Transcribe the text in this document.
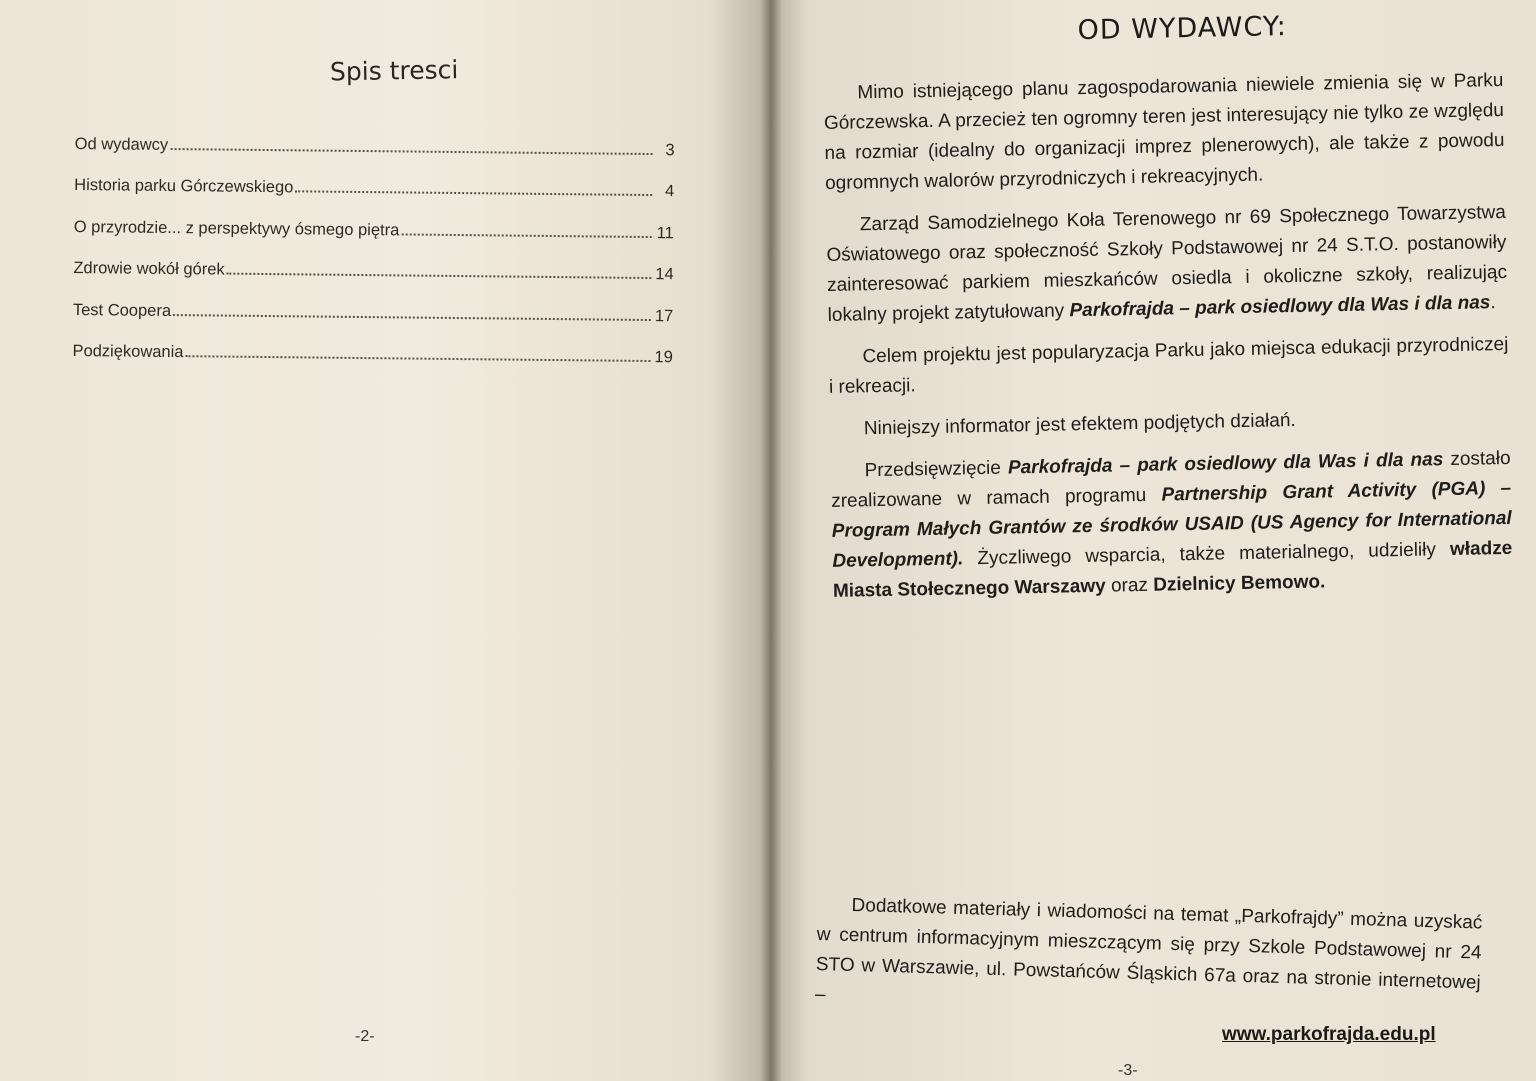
Spis tresci
Od wydawcy	3
Historia parku Górczewskiego	4
O przyrodzie... z perspektywy ósmego piętra	11
Zdrowie wokół górek	14
Test Coopera	17
Podziękowania	19
-2-
OD WYDAWCY:

Mimo istniejącego planu zagospodarowania niewiele zmienia się w Parku Górczewska. A przecież ten ogromny teren jest interesujący nie tylko ze względu na rozmiar (idealny do organizacji imprez plenerowych), ale także z powodu ogromnych walorów przyrodniczych i rekreacyjnych.

Zarząd Samodzielnego Koła Terenowego nr 69 Społecznego Towarzystwa Oświatowego oraz społeczność Szkoły Podstawowej nr 24 S.T.O. postanowiły zainteresować parkiem mieszkańców osiedla i okoliczne szkoły, realizując lokalny projekt zatytułowany Parkofrajda – park osiedlowy dla Was i dla nas.

Celem projektu jest popularyzacja Parku jako miejsca edukacji przyrodniczej i rekreacji.

Niniejszy informator jest efektem podjętych działań.

Przedsięwzięcie Parkofrajda – park osiedlowy dla Was i dla nas zostało zrealizowane w ramach programu Partnership Grant Activity (PGA) – Program Małych Grantów ze środków USAID (US Agency for International Development). Życzliwego wsparcia, także materialnego, udzieliły władze Miasta Stołecznego Warszawy oraz Dzielnicy Bemowo.

Dodatkowe materiały i wiadomości na temat „Parkofrajdy” można uzyskać w centrum informacyjnym mieszczącym się przy Szkole Podstawowej nr 24 STO w Warszawie, ul. Powstańców Śląskich 67a oraz na stronie internetowej –
www.parkofrajda.edu.pl
-3-
